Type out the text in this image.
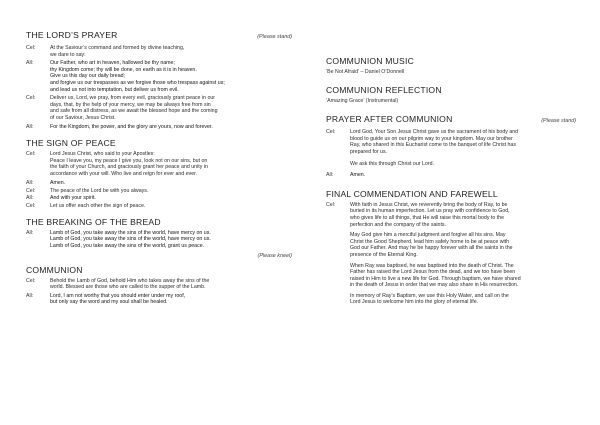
THE LORD’S PRAYER	(Please stand)
Cel:	At the Saviour’s command and formed by divine teaching,
we dare to say:
All:	Our Father, who art in heaven, hallowed be thy name;
thy Kingdom come; thy will be done, on earth as it is in heaven.
Give us this day our daily bread;
and forgive us our trespasses as we forgive those who trespass against us;
and lead us not into temptation, but deliver us from evil.
Cel:	Deliver us, Lord, we pray, from every evil, graciously grant peace in our
days, that, by the help of your mercy, we may be always free from sin
and safe from all distress, as we await the blessed hope and the coming
of our Saviour, Jesus Christ.
All:	For the Kingdom, the power, and the glory are yours, now and forever.
THE SIGN OF PEACE
Cel:	Lord Jesus Christ, who said to your Apostles:
Peace I leave you, my peace I give you, look not on our sins, but on
the faith of your Church, and graciously grant her peace and unity in
accordance with your will. Who live and reign for ever and ever.
All:	Amen.
Cel:	The peace of the Lord be with you always.
All:	And with your spirit.
Cel:	Let us offer each other the sign of peace.
THE BREAKING OF THE BREAD
All:	Lamb of God, you take away the sins of the world, have mercy on us.
Lamb of God, you take away the sins of the world, have mercy on us.
Lamb of God, you take away the sins of the world, grant us peace.
(Please kneel)
COMMUNION
Cel:	Behold the Lamb of God, behold Him who takes away the sins of the
world. Blessed are those who are called to the supper of the Lamb.
All:	Lord, I am not worthy that you should enter under my roof,
but only say the word and my soul shall be healed.
COMMUNION MUSIC
‘Be Not Afraid’ – Daniel O’Donnell
COMMUNION REFLECTION
‘Amazing Grace’ (Instrumental)
PRAYER AFTER COMMUNION	(Please stand)
Cel:	Lord God, Your Son Jesus Christ gave us the sacrament of his body and
blood to guide us on our pilgrim way to your kingdom. May our brother
Ray, who shared in this Eucharist come to the banquet of life Christ has
prepared for us.
We ask this through Christ our Lord.
All:	Amen.
FINAL COMMENDATION AND FAREWELL
Cel:	With faith in Jesus Christ, we reverently bring the body of Ray, to be
buried in its human imperfection. Let us pray with confidence to God,
who gives life to all things, that He will raise this mortal body to the
perfection and the company of the saints.
May God give him a merciful judgment and forgive all his sins. May
Christ the Good Shepherd, lead him safely home to be at peace with
God our Father. And may he be happy forever with all the saints in the
presence of the Eternal King.
When Ray was baptised, he was baptised into the death of Christ. The
Father has raised the Lord Jesus from the dead, and we too have been
raised in Him to live a new life for God. Through baptism, we have shared
in the death of Jesus in order that we may also share in His resurrection.
In memory of Ray’s Baptism, we use this Holy Water, and call on the
Lord Jesus to welcome him into the glory of eternal life.
